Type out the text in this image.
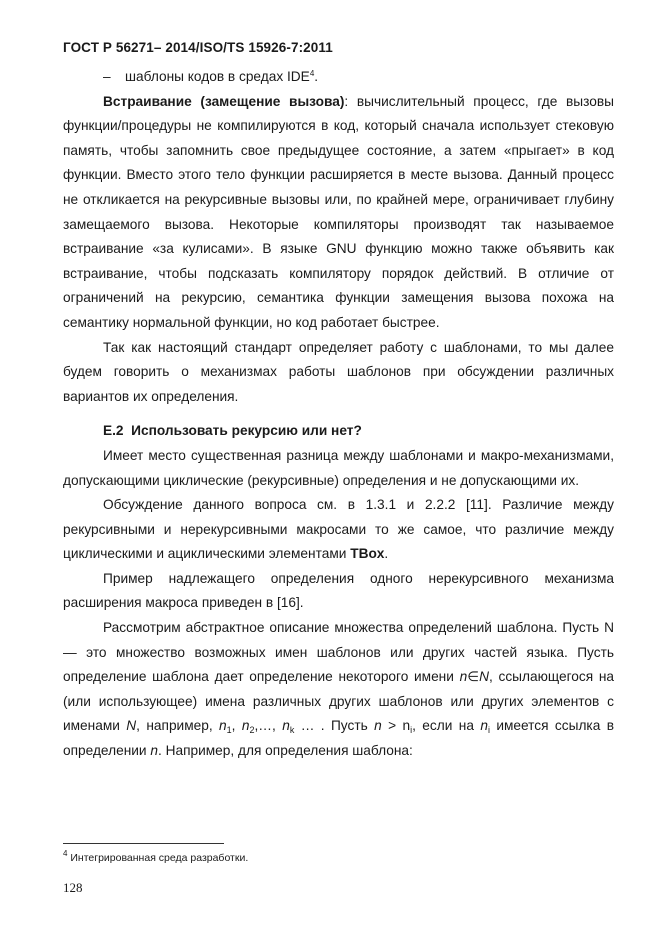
ГОСТ Р 56271– 2014/ISO/TS 15926-7:2011

– шаблоны кодов в средах IDE$^4$.

Встраивание (замещение вызова): вычислительный процесс, где вызовы функции/процедуры не компилируются в код, который сначала использует стековую память, чтобы запомнить свое предыдущее состояние, а затем «прыгает» в код функции. Вместо этого тело функции расширяется в месте вызова. Данный процесс не откликается на рекурсивные вызовы или, по крайней мере, ограничивает глубину замещаемого вызова. Некоторые компиляторы производят так называемое встраивание «за кулисами». В языке GNU функцию можно также объявить как встраивание, чтобы подсказать компилятору порядок действий. В отличие от ограничений на рекурсию, семантика функции замещения вызова похожа на семантику нормальной функции, но код работает быстрее.

Так как настоящий стандарт определяет работу с шаблонами, то мы далее будем говорить о механизмах работы шаблонов при обсуждении различных вариантов их определения.

Е.2 Использовать рекурсию или нет?

Имеет место существенная разница между шаблонами и макро-механизмами, допускающими циклические (рекурсивные) определения и не допускающими их.

Обсуждение данного вопроса см. в 1.3.1 и 2.2.2 [11]. Различие между рекурсивными и нерекурсивными макросами то же самое, что различие между циклическими и ациклическими элементами TBox.

Пример надлежащего определения одного нерекурсивного механизма расширения макроса приведен в [16].

Рассмотрим абстрактное описание множества определений шаблона. Пусть N — это множество возможных имен шаблонов или других частей языка. Пусть определение шаблона дает определение некоторого имени n∈N, ссылающегося на (или использующее) имена различных других шаблонов или других элементов с именами N, например, $n_1$, $n_2,\dots$, $n_k$ … . Пусть $n > n_i$, если на $n_i$ имеется ссылка в определении n. Например, для определения шаблона:

$^4$ Интегрированная среда разработки.
128
